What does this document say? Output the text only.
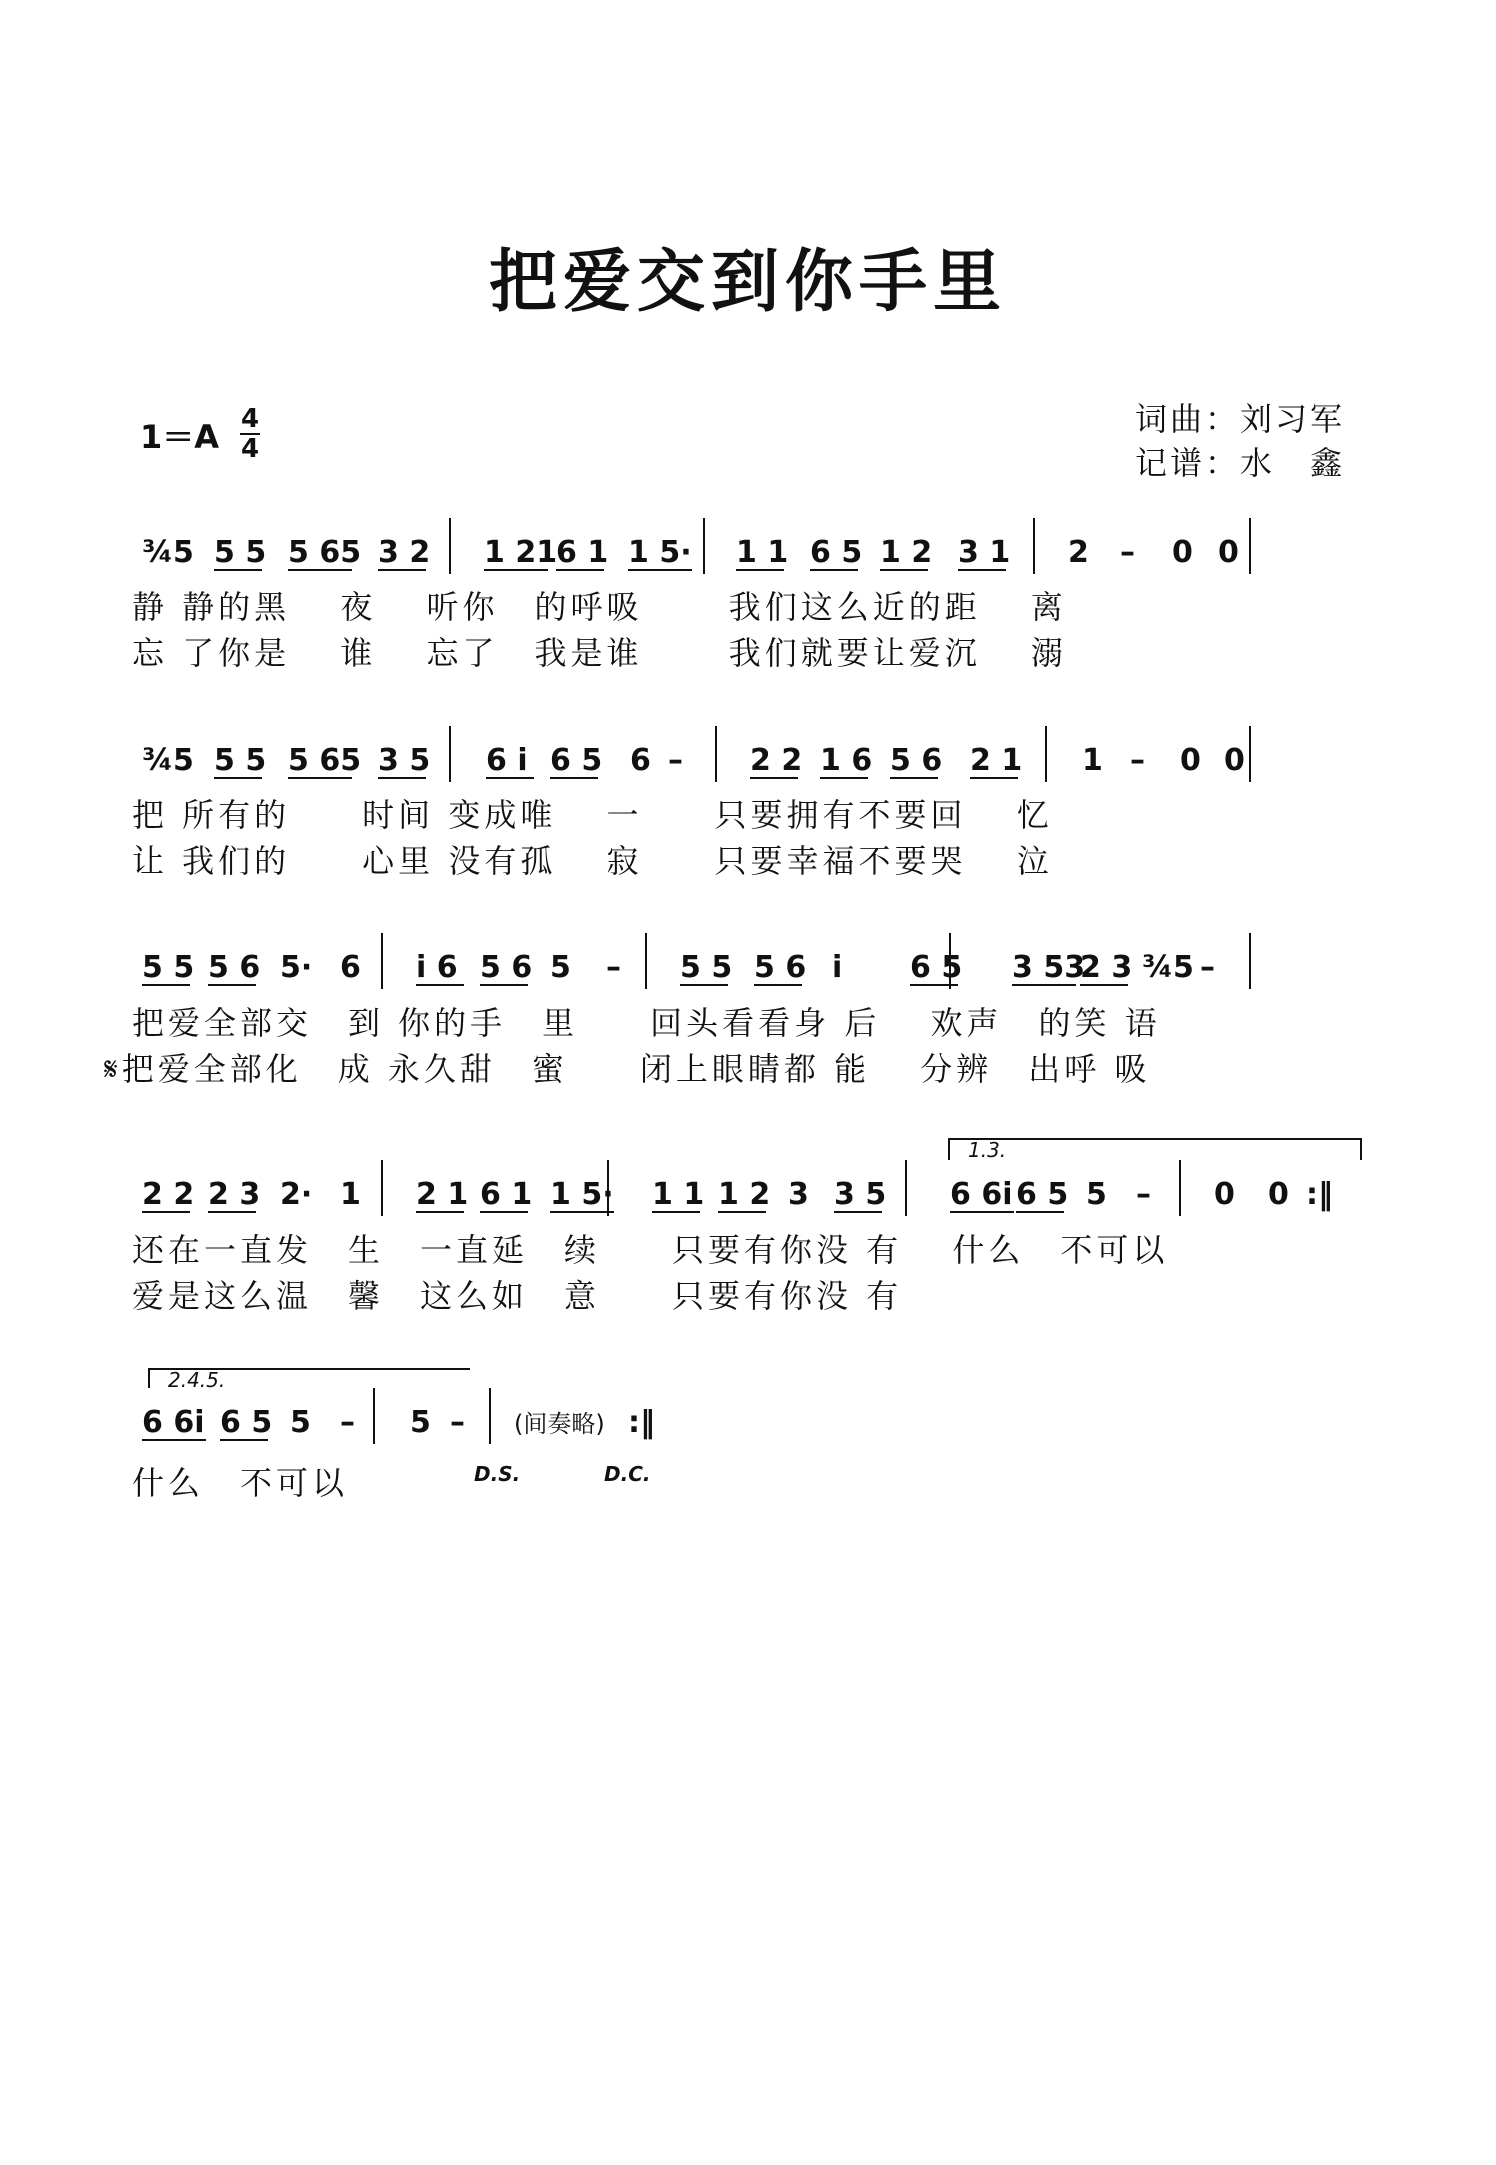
把爱交到你手里
词曲：刘习军
记谱：水　鑫
1＝A 4
4
¾5 5 5 5 65 3 2 1 21
6 1 1 5· 1 1 6 5 1 2 3 1 2 – 0 0
静 静的黑　 夜　 听你　的呼吸　　 我们这么近的距　 离
忘 了你是　 谁　 忘了　我是谁　　 我们就要让爱沉　 溺
¾5 5 5 5 65 3 5 6 i 6 5 6 – 2 2 1 6 5 6 2 1 1 – 0 0
把 所有的　　时间 变成唯　 一　　只要拥有不要回　 忆
让 我们的　　心里 没有孤　 寂　　只要幸福不要哭　 泣
5 5 5 6 5· 6 i 6 5 6 5 – 5 5 5 6 i 6 5 3 53
2 3 ¾5 –
把爱全部交　到 你的手　里　　回头看看身 后　 欢声　的笑 语
𝄋把爱全部化　成 永久甜　蜜　　闭上眼睛都 能　 分辨　出呼 吸
1.3.
2 2 2 3 2· 1 2 1 6 1 1 5· 1 1 1 2 3 3 5 6 6i 6 5 5 – 0 0 :‖
还在一直发　生　一直延　续　　只要有你没 有　 什么　不可以
爱是这么温　馨　这么如　意　　只要有你没 有
2.4.5.
6 6i 6 5 5 – 5 – (间奏略) :‖
什么　不可以	D.S.	D.C.
